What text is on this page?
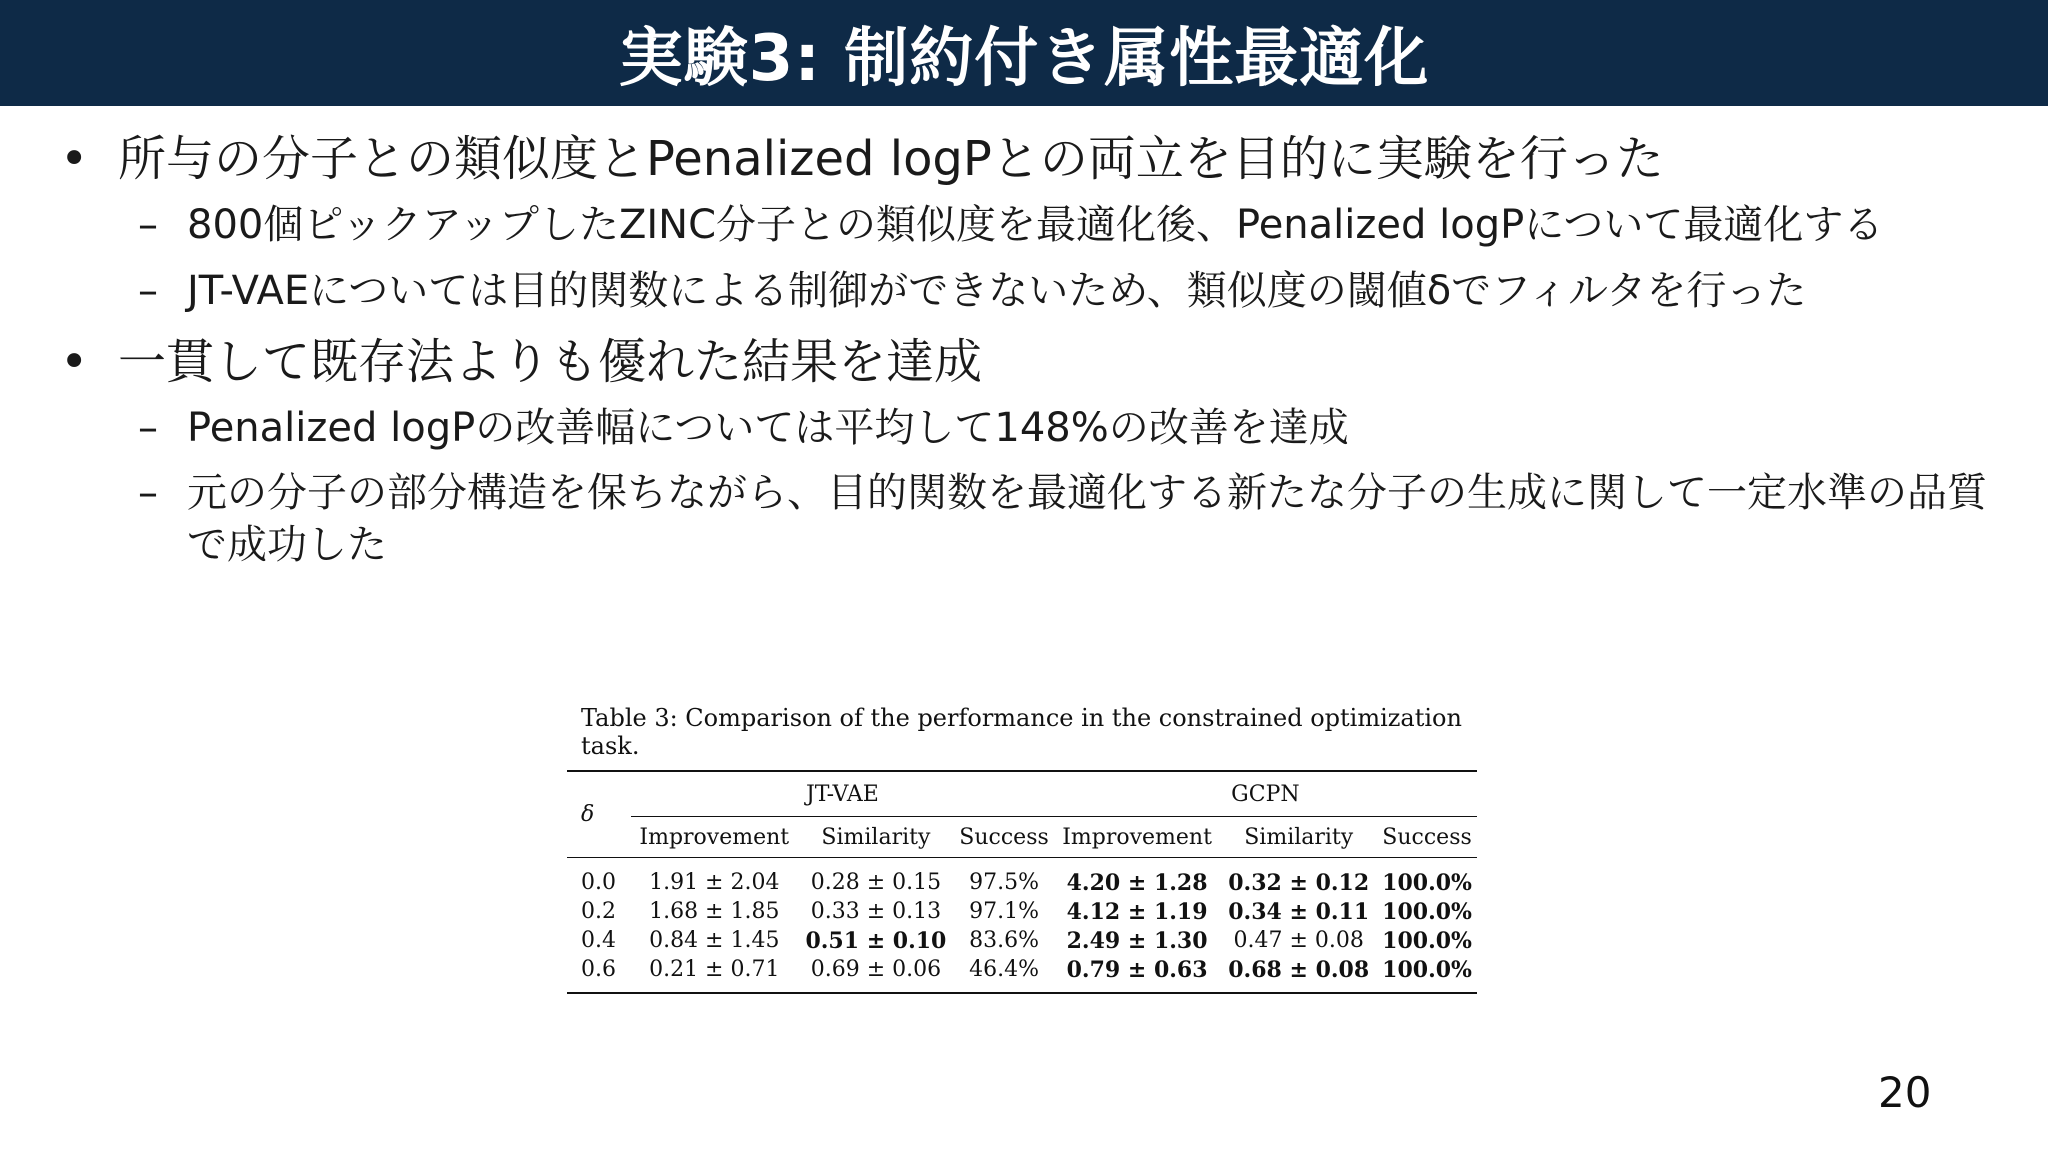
実験3: 制約付き属性最適化
• 所与の分子との類似度とPenalized logPとの両立を目的に実験を行った
– 800個ピックアップしたZINC分子との類似度を最適化後、Penalized logPについて最適化する
– JT-VAEについては目的関数による制御ができないため、類似度の閾値δでフィルタを行った
• 一貫して既存法よりも優れた結果を達成
– Penalized logPの改善幅については平均して148%の改善を達成
– 元の分子の部分構造を保ちながら、目的関数を最適化する新たな分子の生成に関して一定水準の品質で成功した
Table 3: Comparison of the performance in the constrained optimization task.
δ	JT-VAE			GCPN		
	Improvement	Similarity	Success	Improvement	Similarity	Success
0.0	1.91 ± 2.04	0.28 ± 0.15	97.5%	4.20 ± 1.28	0.32 ± 0.12	100.0%
0.2	1.68 ± 1.85	0.33 ± 0.13	97.1%	4.12 ± 1.19	0.34 ± 0.11	100.0%
0.4	0.84 ± 1.45	0.51 ± 0.10	83.6%	2.49 ± 1.30	0.47 ± 0.08	100.0%
0.6	0.21 ± 0.71	0.69 ± 0.06	46.4%	0.79 ± 0.63	0.68 ± 0.08	100.0%
20
